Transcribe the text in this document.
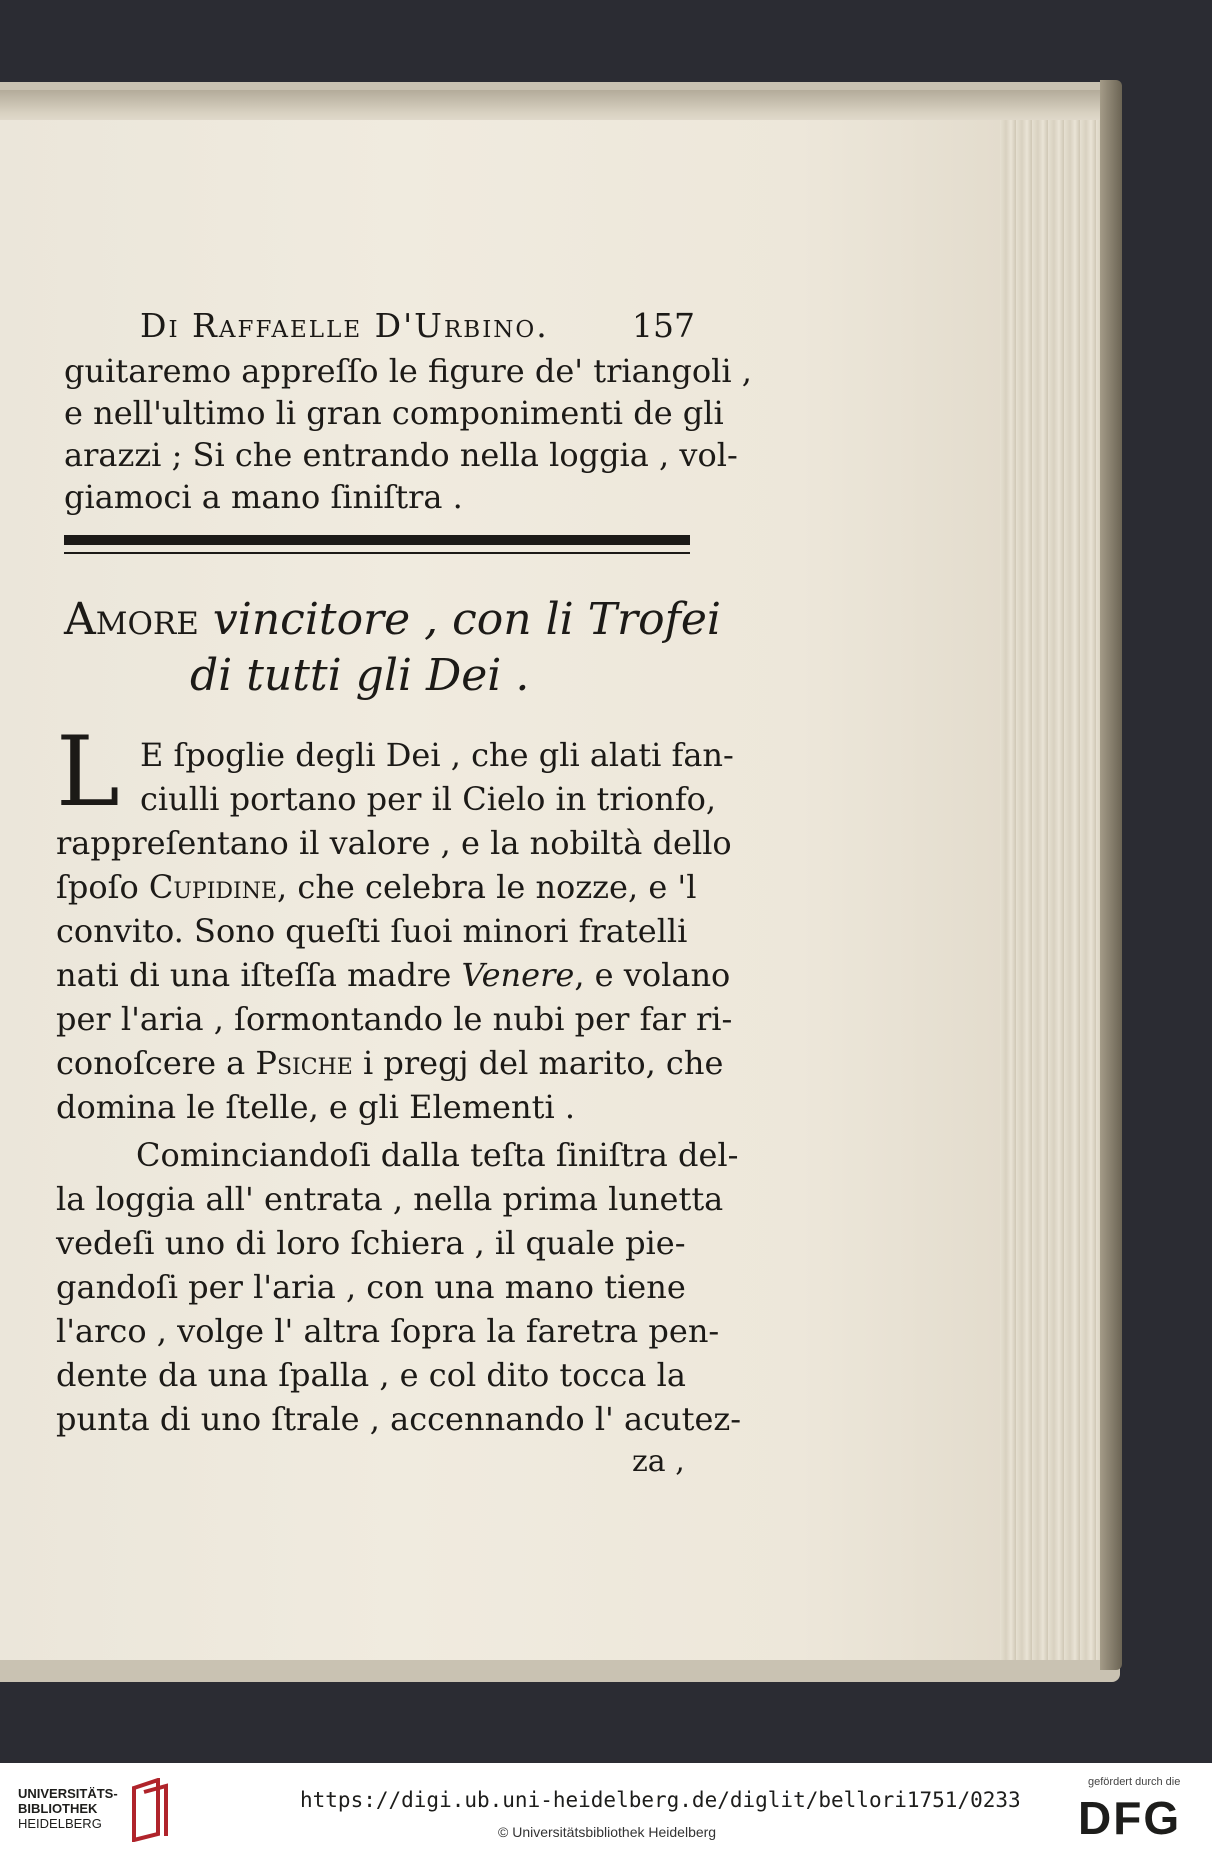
Di Raffaelle D'Urbino.	157
guitaremo appreſſo le figure de' triangoli ,
e nell'ultimo li gran componimenti de gli
arazzi ; Si che entrando nella loggia , vol-
giamoci a mano ſiniſtra .
Amore vincitore , con li Trofei
di tutti gli Dei .
L E ſpoglie degli Dei , che gli alati fan-
ciulli portano per il Cielo in trionfo,
rappreſentano il valore , e la nobiltà dello
ſpoſo Cupidine, che celebra le nozze, e 'l
convito. Sono queſti ſuoi minori fratelli
nati di una iſteſſa madre Venere, e volano
per l'aria , ſormontando le nubi per far ri-
conoſcere a Psiche i pregj del marito, che
domina le ſtelle, e gli Elementi .
Cominciandoſi dalla teſta ſiniſtra del-
la loggia all' entrata , nella prima lunetta
vedeſi uno di loro ſchiera , il quale pie-
gandoſi per l'aria , con una mano tiene
l'arco , volge l' altra ſopra la faretra pen-
dente da una ſpalla , e col dito tocca la
punta di uno ſtrale , accennando l' acutez-
za ,
UNIVERSITÄTS-
BIBLIOTHEK
HEIDELBERG
https://digi.ub.uni-heidelberg.de/diglit/bellori1751/0233
© Universitätsbibliothek Heidelberg
gefördert durch die
DFG
